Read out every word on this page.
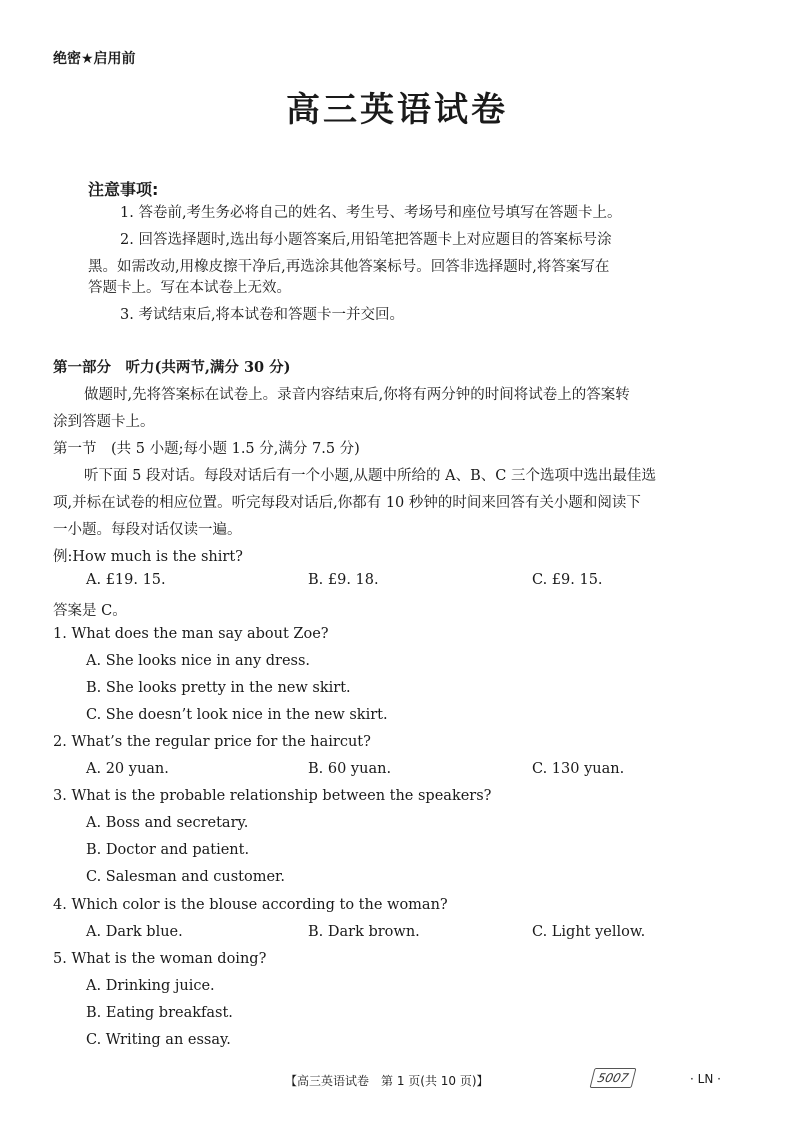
绝密★启用前
高三英语试卷
注意事项:
1. 答卷前,考生务必将自己的姓名、考生号、考场号和座位号填写在答题卡上。
2. 回答选择题时,选出每小题答案后,用铅笔把答题卡上对应题目的答案标号涂
黑。如需改动,用橡皮擦干净后,再选涂其他答案标号。回答非选择题时,将答案写在
答题卡上。写在本试卷上无效。
3. 考试结束后,将本试卷和答题卡一并交回。
第一部分　听力(共两节,满分 30 分)
做题时,先将答案标在试卷上。录音内容结束后,你将有两分钟的时间将试卷上的答案转
涂到答题卡上。
第一节　(共 5 小题;每小题 1.5 分,满分 7.5 分)
听下面 5 段对话。每段对话后有一个小题,从题中所给的 A、B、C 三个选项中选出最佳选
项,并标在试卷的相应位置。听完每段对话后,你都有 10 秒钟的时间来回答有关小题和阅读下
一小题。每段对话仅读一遍。
例:How much is the shirt?
A. £19. 15.	B. £9. 18.	C. £9. 15.
答案是 C。
1. What does the man say about Zoe?
A. She looks nice in any dress.
B. She looks pretty in the new skirt.
C. She doesn’t look nice in the new skirt.
2. What’s the regular price for the haircut?
A. 20 yuan.	B. 60 yuan.	C. 130 yuan.
3. What is the probable relationship between the speakers?
A. Boss and secretary.
B. Doctor and patient.
C. Salesman and customer.
4. Which color is the blouse according to the woman?
A. Dark blue.	B. Dark brown.	C. Light yellow.
5. What is the woman doing?
A. Drinking juice.
B. Eating breakfast.
C. Writing an essay.
【高三英语试卷　第 1 页(共 10 页)】	5007	· LN ·
